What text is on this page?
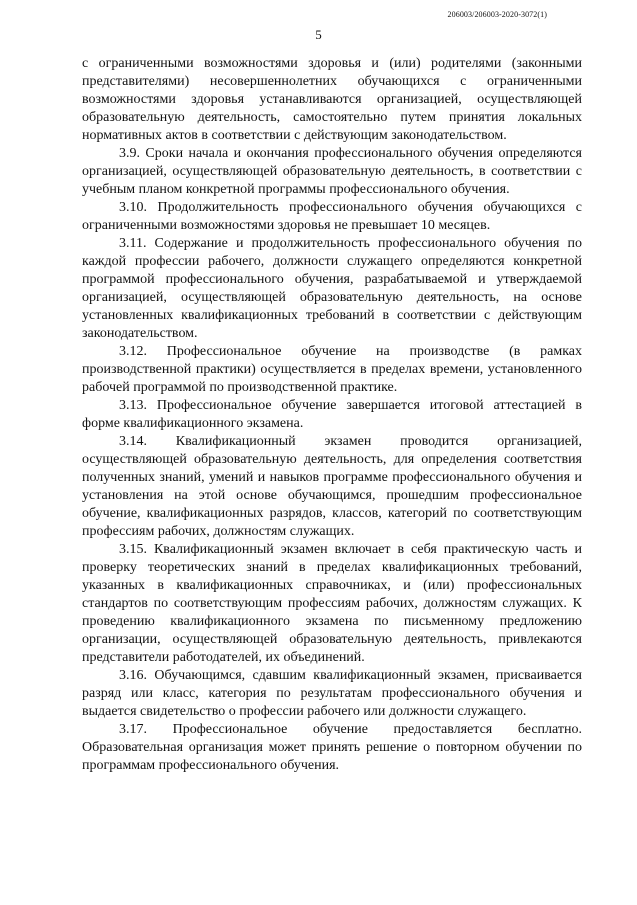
206003/206003-2020-3072(1)
5

с ограниченными возможностями здоровья и (или) родителями (законными представителями) несовершеннолетних обучающихся с ограниченными возможностями здоровья устанавливаются организацией, осуществляющей образовательную деятельность, самостоятельно путем принятия локальных нормативных актов в соответствии с действующим законодательством.

3.9. Сроки начала и окончания профессионального обучения определяются организацией, осуществляющей образовательную деятельность, в соответствии с учебным планом конкретной программы профессионального обучения.

3.10. Продолжительность профессионального обучения обучающихся с ограниченными возможностями здоровья не превышает 10 месяцев.

3.11. Содержание и продолжительность профессионального обучения по каждой профессии рабочего, должности служащего определяются конкретной программой профессионального обучения, разрабатываемой и утверждаемой организацией, осуществляющей образовательную деятельность, на основе установленных квалификационных требований в соответствии с действующим законодательством.

3.12. Профессиональное обучение на производстве (в рамках производственной практики) осуществляется в пределах времени, установленного рабочей программой по производственной практике.

3.13. Профессиональное обучение завершается итоговой аттестацией в форме квалификационного экзамена.

3.14. Квалификационный экзамен проводится организацией, осуществляющей образовательную деятельность, для определения соответствия полученных знаний, умений и навыков программе профессионального обучения и установления на этой основе обучающимся, прошедшим профессиональное обучение, квалификационных разрядов, классов, категорий по соответствующим профессиям рабочих, должностям служащих.

3.15. Квалификационный экзамен включает в себя практическую часть и проверку теоретических знаний в пределах квалификационных требований, указанных в квалификационных справочниках, и (или) профессиональных стандартов по соответствующим профессиям рабочих, должностям служащих. К проведению квалификационного экзамена по письменному предложению организации, осуществляющей образовательную деятельность, привлекаются представители работодателей, их объединений.

3.16. Обучающимся, сдавшим квалификационный экзамен, присваивается разряд или класс, категория по результатам профессионального обучения и выдается свидетельство о профессии рабочего или должности служащего.

3.17. Профессиональное обучение предоставляется бесплатно. Образовательная организация может принять решение о повторном обучении по программам профессионального обучения.
